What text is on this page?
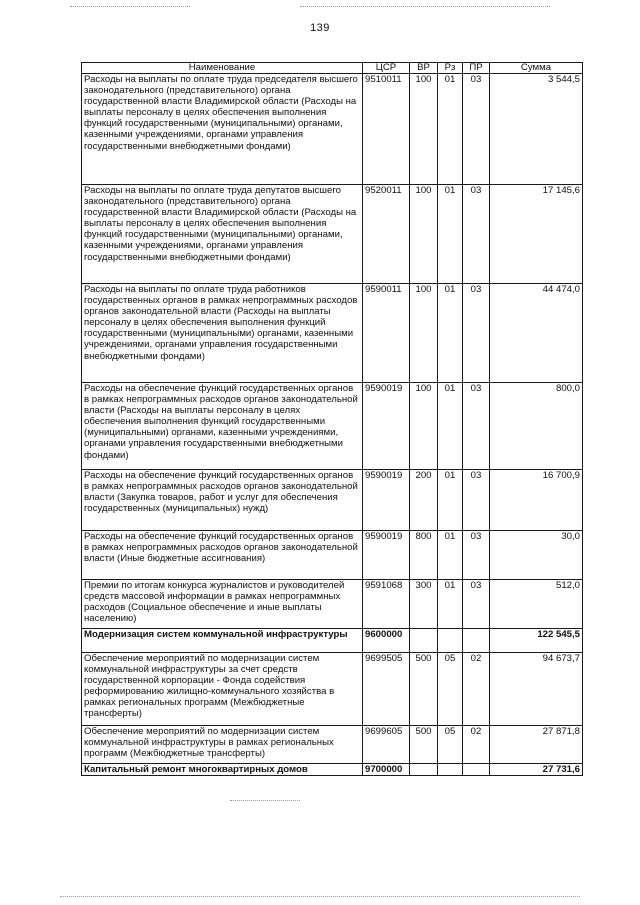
139
Наименование	ЦСР	ВР	Рз	ПР	Сумма
Расходы на выплаты по оплате труда председателя высшего законодательного (представительного) органа государственной власти Владимирской области (Расходы на выплаты персоналу в целях обеспечения выполнения функций государственными (муниципальными) органами, казенными учреждениями, органами управления государственными внебюджетными фондами)	9510011	100	01	03	3 544,5
Расходы на выплаты по оплате труда депутатов высшего законодательного (представительного) органа государственной власти Владимирской области (Расходы на выплаты персоналу в целях обеспечения выполнения функций государственными (муниципальными) органами, казенными учреждениями, органами управления государственными внебюджетными фондами)	9520011	100	01	03	17 145,6
Расходы на выплаты по оплате труда работников государственных органов в рамках непрограммных расходов органов законодательной власти (Расходы на выплаты персоналу в целях обеспечения выполнения функций государственными (муниципальными) органами, казенными учреждениями, органами управления государственными внебюджетными фондами)	9590011	100	01	03	44 474,0
Расходы на обеспечение функций государственных органов в рамках непрограммных расходов органов законодательной власти (Расходы на выплаты персоналу в целях обеспечения выполнения функций государственными (муниципальными) органами, казенными учреждениями, органами управления государственными внебюджетными фондами)	9590019	100	01	03	800,0
Расходы на обеспечение функций государственных органов в рамках непрограммных расходов органов законодательной власти (Закупка товаров, работ и услуг для обеспечения государственных (муниципальных) нужд)	9590019	200	01	03	16 700,9
Расходы на обеспечение функций государственных органов в рамках непрограммных расходов органов законодательной власти (Иные бюджетные ассигнования)	9590019	800	01	03	30,0
Премии по итогам конкурса журналистов и руководителей средств массовой информации в рамках непрограммных расходов (Социальное обеспечение и иные выплаты населению)	9591068	300	01	03	512,0
Модернизация систем коммунальной инфраструктуры	9600000				122 545,5
Обеспечение мероприятий по модернизации систем коммунальной инфраструктуры за счет средств государственной корпорации - Фонда содействия реформированию жилищно-коммунального хозяйства в рамках региональных программ (Межбюджетные трансферты)	9699505	500	05	02	94 673,7
Обеспечение мероприятий по модернизации систем коммунальной инфраструктуры в рамках региональных программ (Межбюджетные трансферты)	9699605	500	05	02	27 871,8
Капитальный ремонт многоквартирных домов	9700000				27 731,6
